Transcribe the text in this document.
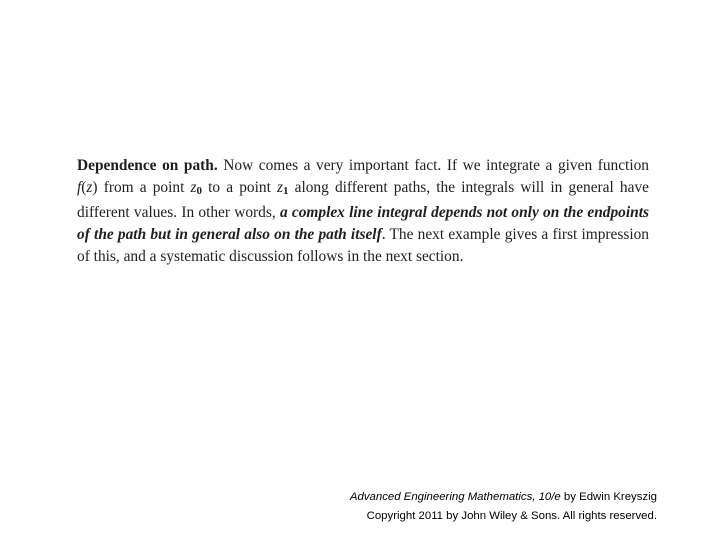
Dependence on path. Now comes a very important fact. If we integrate a given function f(z) from a point z0 to a point z1 along different paths, the integrals will in general have different values. In other words, a complex line integral depends not only on the endpoints of the path but in general also on the path itself. The next example gives a first impression of this, and a systematic discussion follows in the next section.

Advanced Engineering Mathematics, 10/e by Edwin Kreyszig
Copyright 2011 by John Wiley & Sons. All rights reserved.
